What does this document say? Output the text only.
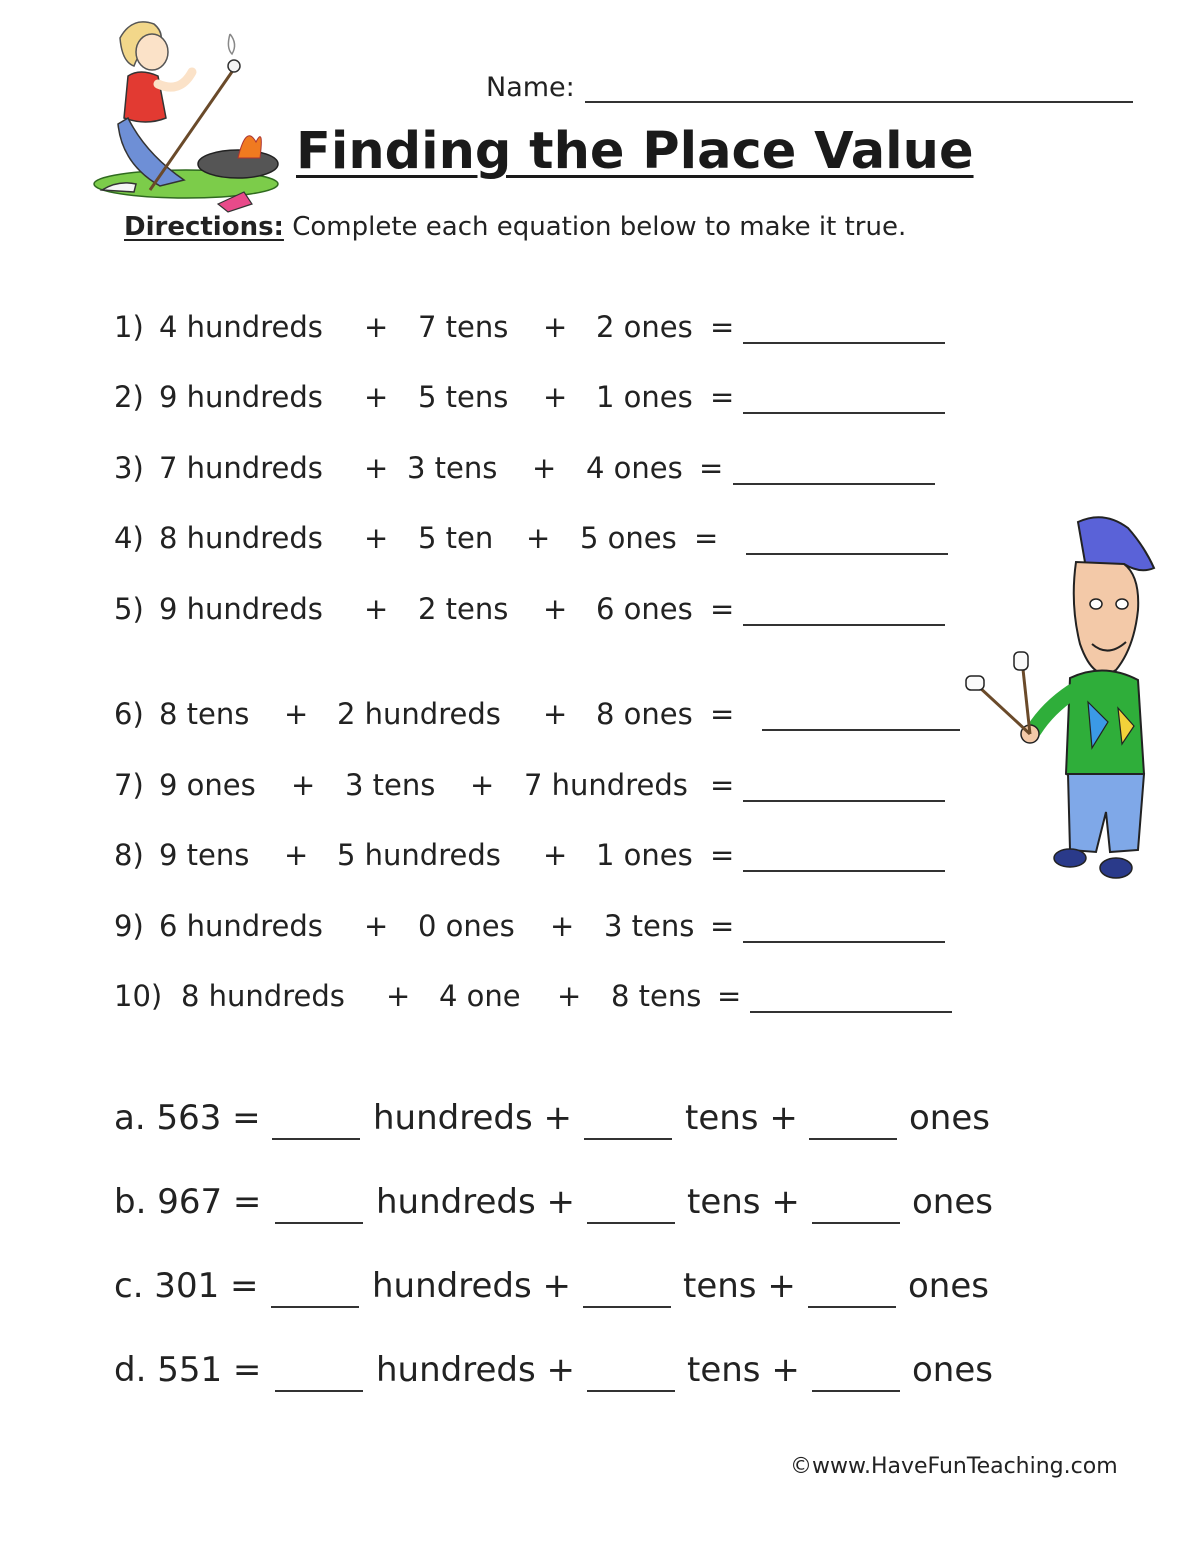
Name:
Finding the Place Value
Directions: Complete each equation below to make it true.
1) 4 hundreds + 7 tens + 2 ones =
2) 9 hundreds + 5 tens + 1 ones =
3) 7 hundreds + 3 tens + 4 ones =
4) 8 hundreds + 5 ten + 5 ones =
5) 9 hundreds + 2 tens + 6 ones =
6) 8 tens + 2 hundreds + 8 ones =
7) 9 ones + 3 tens + 7 hundreds =
8) 9 tens + 5 hundreds + 1 ones =
9) 6 hundreds + 0 ones + 3 tens =
10) 8 hundreds + 4 one + 8 tens =
a. 563 =	hundreds +	tens +	ones
b. 967 =	hundreds +	tens +	ones
c. 301 =	hundreds +	tens +	ones
d. 551 =	hundreds +	tens +	ones
©www.HaveFunTeaching.com
